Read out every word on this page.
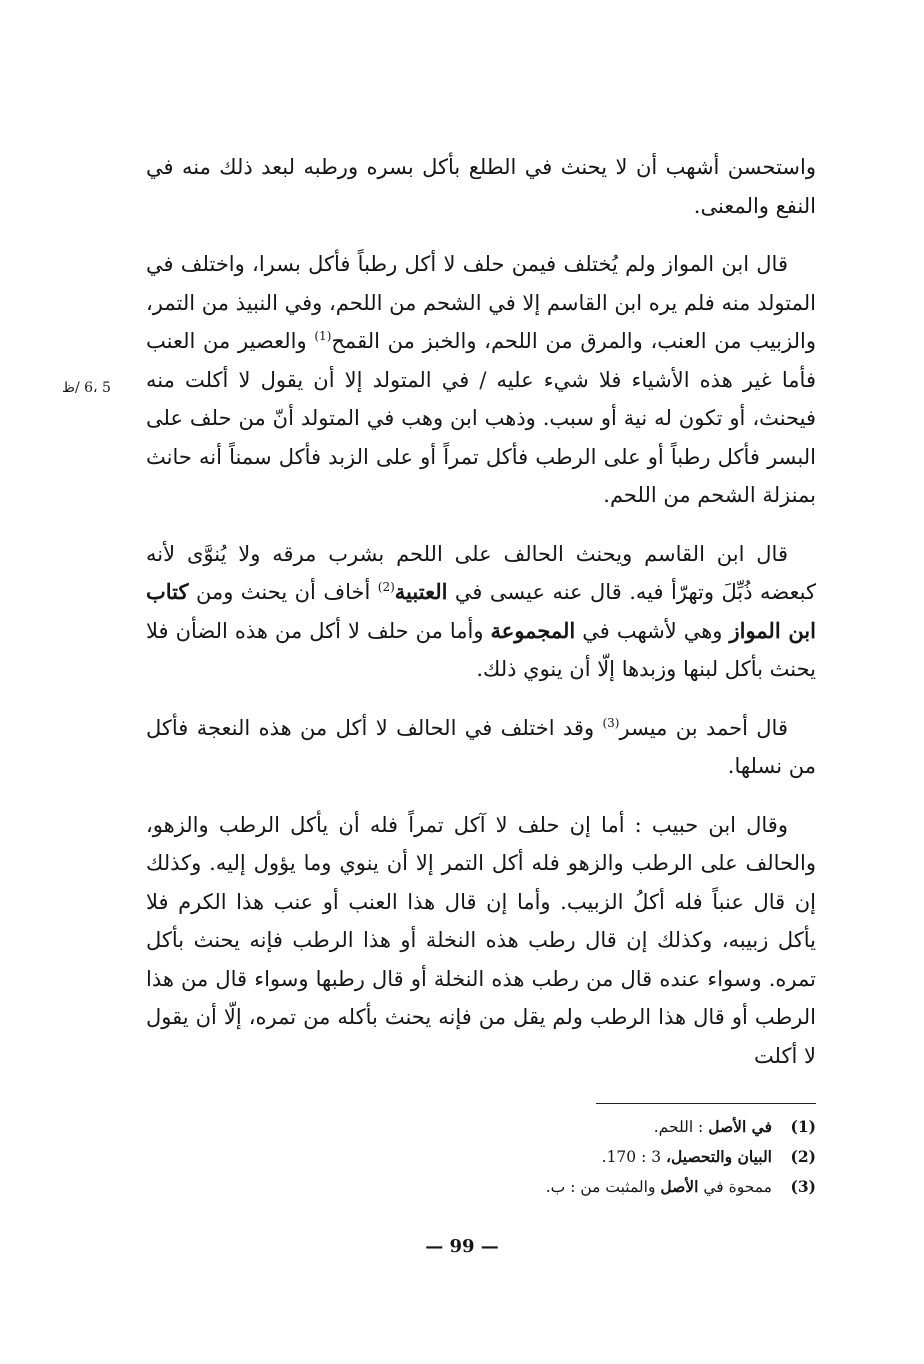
5 ،6 /ظ

واستحسن أشهب أن لا يحنث في الطلع بأكل بسره ورطبه لبعد ذلك منه في النفع والمعنى.

قال ابن المواز ولم يُختلف فيمن حلف لا أكل رطباً فأكل بسرا، واختلف في المتولد منه فلم يره ابن القاسم إلا في الشحم من اللحم، وفي النبيذ من التمر، والزبيب من العنب، والمرق من اللحم، والخبز من القمح$^{(1)}$ والعصير من العنب فأما غير هذه الأشياء فلا شيء عليه / في المتولد إلا أن يقول لا أكلت منه فيحنث، أو تكون له نية أو سبب. وذهب ابن وهب في المتولد أنّ من حلف على البسر فأكل رطباً أو على الرطب فأكل تمراً أو على الزبد فأكل سمناً أنه حانث بمنزلة الشحم من اللحم.

قال ابن القاسم ويحنث الحالف على اللحم بشرب مرقه ولا يُنوَّى لأنه كبعضه ذُبِّلَ وتهرّأ فيه. قال عنه عيسى في العتبية$^{(2)}$ أخاف أن يحنث ومن كتاب ابن المواز وهي لأشهب في المجموعة وأما من حلف لا أكل من هذه الضأن فلا يحنث بأكل لبنها وزبدها إلّا أن ينوي ذلك.

قال أحمد بن ميسر$^{(3)}$ وقد اختلف في الحالف لا أكل من هذه النعجة فأكل من نسلها.

وقال ابن حبيب : أما إن حلف لا آكل تمراً فله أن يأكل الرطب والزهو، والحالف على الرطب والزهو فله أكل التمر إلا أن ينوي وما يؤول إليه. وكذلك إن قال عنباً فله أكلُ الزبيب. وأما إن قال هذا العنب أو عنب هذا الكرم فلا يأكل زبيبه، وكذلك إن قال رطب هذه النخلة أو هذا الرطب فإنه يحنث بأكل تمره. وسواء عنده قال من رطب هذه النخلة أو قال رطبها وسواء قال من هذا الرطب أو قال هذا الرطب ولم يقل من فإنه يحنث بأكله من تمره، إلّا أن يقول لا أكلت

(1)في الأصل : اللحم.
(2)البيان والتحصيل، 3 : 170.
(3)ممحوة في الأصل والمثبت من : ب.
— 99 —
